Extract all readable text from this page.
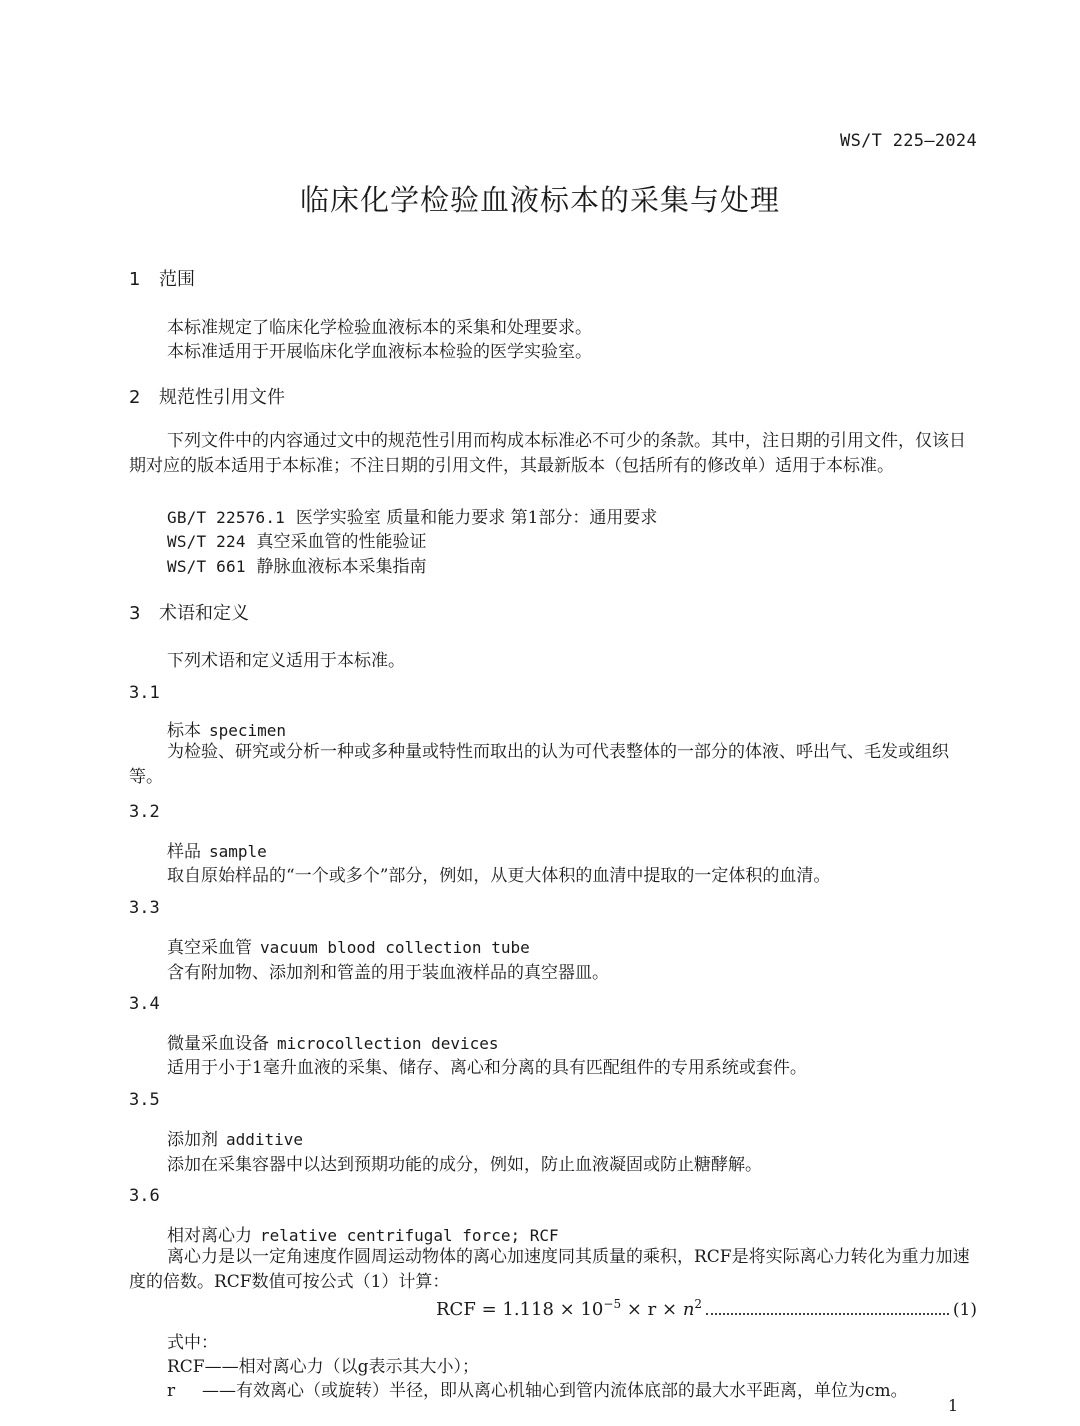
WS/T 225—2024
临床化学检验血液标本的采集与处理
1 范围
本标准规定了临床化学检验血液标本的采集和处理要求。
本标准适用于开展临床化学血液标本检验的医学实验室。
2 规范性引用文件
下列文件中的内容通过文中的规范性引用而构成本标准必不可少的条款。其中，注日期的引用文件，仅该日期对应的版本适用于本标准；不注日期的引用文件，其最新版本（包括所有的修改单）适用于本标准。
GB/T 22576.1 医学实验室 质量和能力要求 第1部分：通用要求
WS/T 224 真空采血管的性能验证
WS/T 661 静脉血液标本采集指南
3 术语和定义
下列术语和定义适用于本标准。
3.1
标本 specimen
为检验、研究或分析一种或多种量或特性而取出的认为可代表整体的一部分的体液、呼出气、毛发或组织等。
3.2
样品 sample
取自原始样品的“一个或多个”部分，例如，从更大体积的血清中提取的一定体积的血清。
3.3
真空采血管 vacuum blood collection tube
含有附加物、添加剂和管盖的用于装血液样品的真空器皿。
3.4
微量采血设备 microcollection devices
适用于小于1毫升血液的采集、储存、离心和分离的具有匹配组件的专用系统或套件。
3.5
添加剂 additive
添加在采集容器中以达到预期功能的成分，例如，防止血液凝固或防止糖酵解。
3.6
相对离心力 relative centrifugal force; RCF
离心力是以一定角速度作圆周运动物体的离心加速度同其质量的乘积，RCF是将实际离心力转化为重力加速度的倍数。RCF数值可按公式（1）计算：
RCF = $1.118 \times 10^{-5} \times r \times n^2$	(1)
式中：
RCF——相对离心力（以g表示其大小）；
r ——有效离心（或旋转）半径，即从离心机轴心到管内流体底部的最大水平距离，单位为cm。
1
